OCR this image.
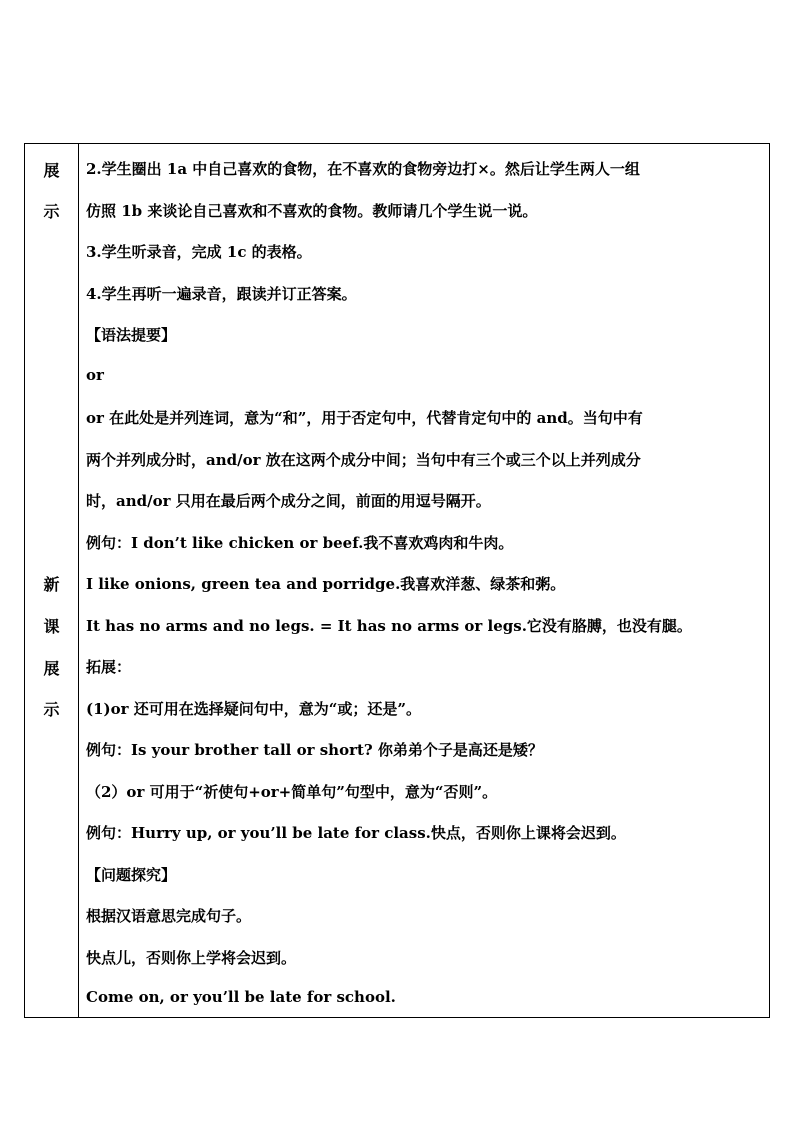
展
示
新
课
展
示
2.学生圈出 1a 中自己喜欢的食物，在不喜欢的食物旁边打×。然后让学生两人一组
仿照 1b 来谈论自己喜欢和不喜欢的食物。教师请几个学生说一说。
3.学生听录音，完成 1c 的表格。
4.学生再听一遍录音，跟读并订正答案。
【语法提要】
or
or 在此处是并列连词，意为“和”，用于否定句中，代替肯定句中的 and。当句中有
两个并列成分时，and/or 放在这两个成分中间；当句中有三个或三个以上并列成分
时，and/or 只用在最后两个成分之间，前面的用逗号隔开。
例句：I don’t like chicken or beef.我不喜欢鸡肉和牛肉。
I like onions, green tea and porridge.我喜欢洋葱、绿茶和粥。
It has no arms and no legs. = It has no arms or legs.它没有胳膊，也没有腿。
拓展：
(1)or 还可用在选择疑问句中，意为“或；还是”。
例句：Is your brother tall or short? 你弟弟个子是高还是矮？
（2）or 可用于“祈使句+or+简单句”句型中，意为“否则”。
例句：Hurry up, or you’ll be late for class.快点，否则你上课将会迟到。
【问题探究】
根据汉语意思完成句子。
快点儿，否则你上学将会迟到。
Come on, or you’ll be late for school.
